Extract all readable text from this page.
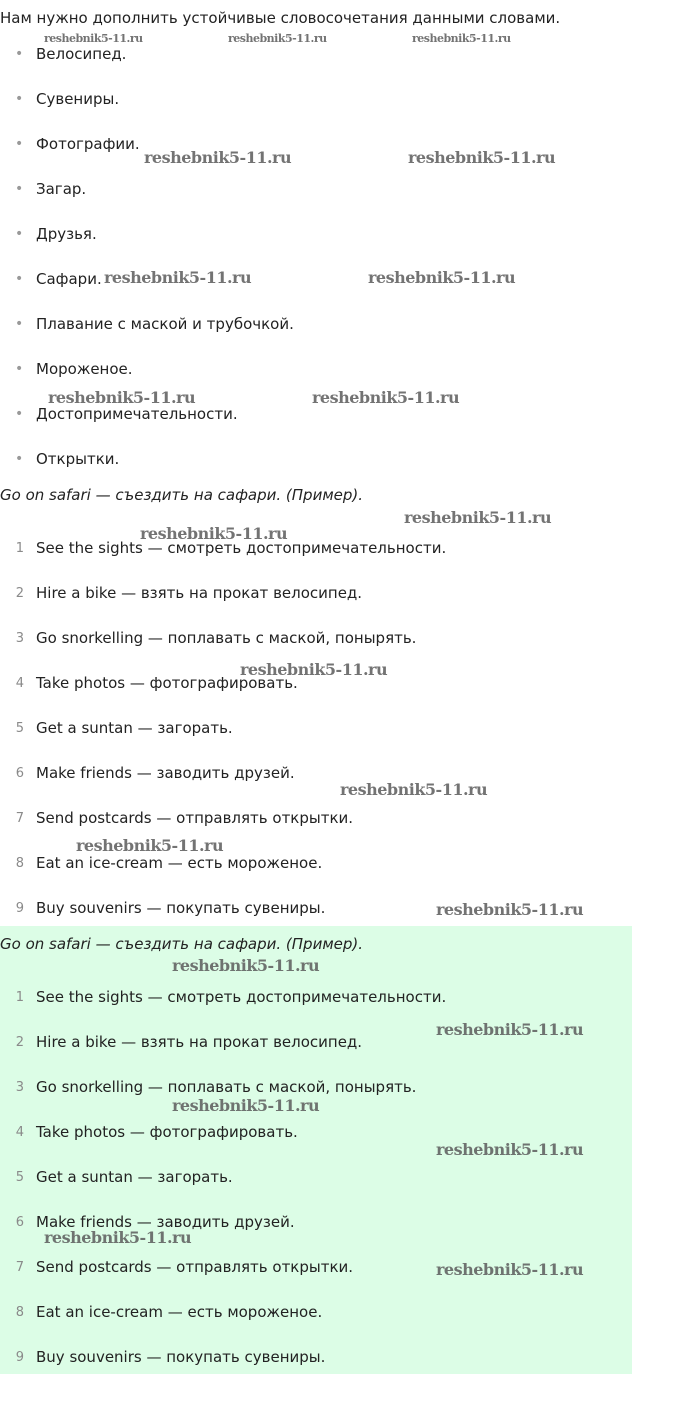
Нам нужно дополнить устойчивые словосочетания данными словами.
• Велосипед.
• Сувениры.
• Фотографии.
• Загар.
• Друзья.
• Сафари.
• Плавание с маской и трубочкой.
• Мороженое.
• Достопримечательности.
• Открытки.
Go on safari — съездить на сафари. (Пример).
1 See the sights — смотреть достопримечательности.
2 Hire a bike — взять на прокат велосипед.
3 Go snorkelling — поплавать с маской, понырять.
4 Take photos — фотографировать.
5 Get a suntan — загорать.
6 Make friends — заводить друзей.
7 Send postcards — отправлять открытки.
8 Eat an ice-cream — есть мороженое.
9 Buy souvenirs — покупать сувениры.
Go on safari — съездить на сафари. (Пример).
1 See the sights — смотреть достопримечательности.
2 Hire a bike — взять на прокат велосипед.
3 Go snorkelling — поплавать с маской, понырять.
4 Take photos — фотографировать.
5 Get a suntan — загорать.
6 Make friends — заводить друзей.
7 Send postcards — отправлять открытки.
8 Eat an ice-cream — есть мороженое.
9 Buy souvenirs — покупать сувениры.
reshebnik5-11.ru	reshebnik5-11.ru	reshebnik5-11.ru
reshebnik5-11.ru	reshebnik5-11.ru
reshebnik5-11.ru	reshebnik5-11.ru
reshebnik5-11.ru	reshebnik5-11.ru
reshebnik5-11.ru
reshebnik5-11.ru
reshebnik5-11.ru
reshebnik5-11.ru
reshebnik5-11.ru
reshebnik5-11.ru
reshebnik5-11.ru
reshebnik5-11.ru
reshebnik5-11.ru
reshebnik5-11.ru
reshebnik5-11.ru
reshebnik5-11.ru
